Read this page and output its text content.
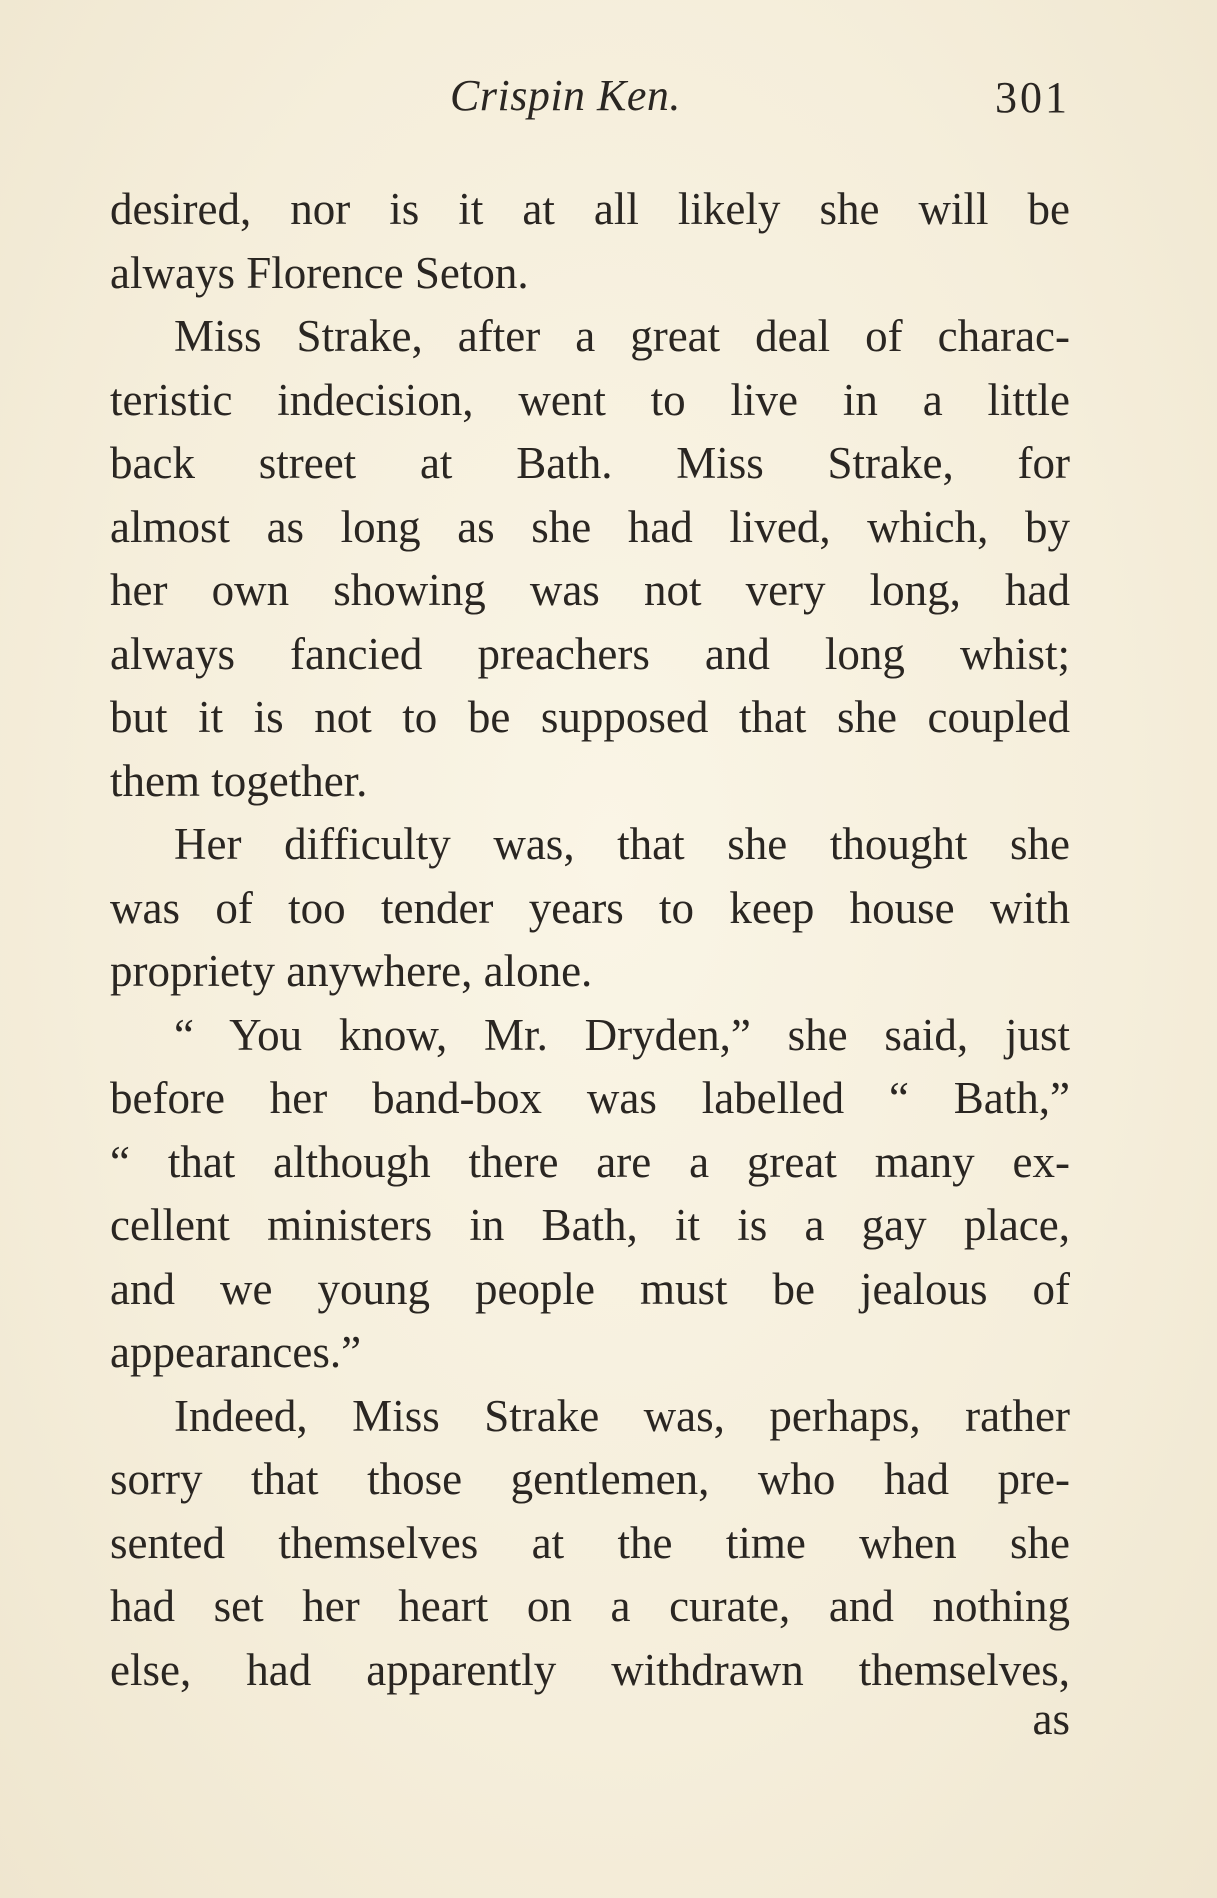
Crispin Ken.	301
desired, nor is it at all likely she will be
always Florence Seton.
Miss Strake, after a great deal of charac-
teristic indecision, went to live in a little
back street at Bath. Miss Strake, for
almost as long as she had lived, which, by
her own showing was not very long, had
always fancied preachers and long whist;
but it is not to be supposed that she coupled
them together.
Her difficulty was, that she thought she
was of too tender years to keep house with
propriety anywhere, alone.
“ You know, Mr. Dryden,” she said, just
before her band-box was labelled “ Bath,”
“ that although there are a great many ex-
cellent ministers in Bath, it is a gay place,
and we young people must be jealous of
appearances.”
Indeed, Miss Strake was, perhaps, rather
sorry that those gentlemen, who had pre-
sented themselves at the time when she
had set her heart on a curate, and nothing
else, had apparently withdrawn themselves,
as
